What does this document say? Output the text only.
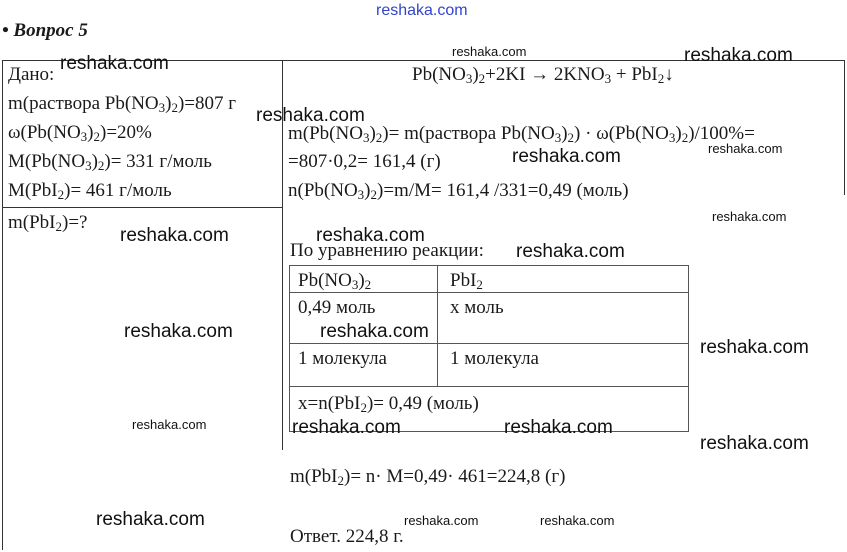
reshaka.com
• Вопрос 5
Дано:
m(раствора $Pb(NO_3)_2)=807$ г
$\omega(Pb(NO_3)_2)=20\%$
$M(Pb(NO_3)_2)= 331$ г/моль
M(PbI$_2$)= 461 г/моль
m(PbI$_2$)=?
$Pb(NO_3)_2+2KI \to 2KNO_3$ + PbI$_2$↓
$m(Pb(NO_3)_2)=$ m(раствора $Pb(NO_3)_2) \cdot \omega(Pb(NO_3)_2)/100\%=$
=807·0,2= 161,4 (г)
$n(Pb(NO_3)_2)=m/M= 161,4$ /331=0,49 (моль)
По уравнению реакции:
$Pb(NO_3)_2$	PbI$_2$
0,49 моль	х моль
1 молекула	1 молекула
x=n(PbI$_2$)= 0,49 (моль)
m(PbI$_2$)= n· M=0,49· 461=224,8 (г)
Ответ. 224,8 г.
reshaka.com
reshaka.com	reshaka.com
reshaka.com
reshaka.com	reshaka.com
reshaka.com
reshaka.com	reshaka.com
reshaka.com
reshaka.com	reshaka.com
reshaka.com
reshaka.com	reshaka.com	reshaka.com
reshaka.com
reshaka.com	reshaka.com	reshaka.com
